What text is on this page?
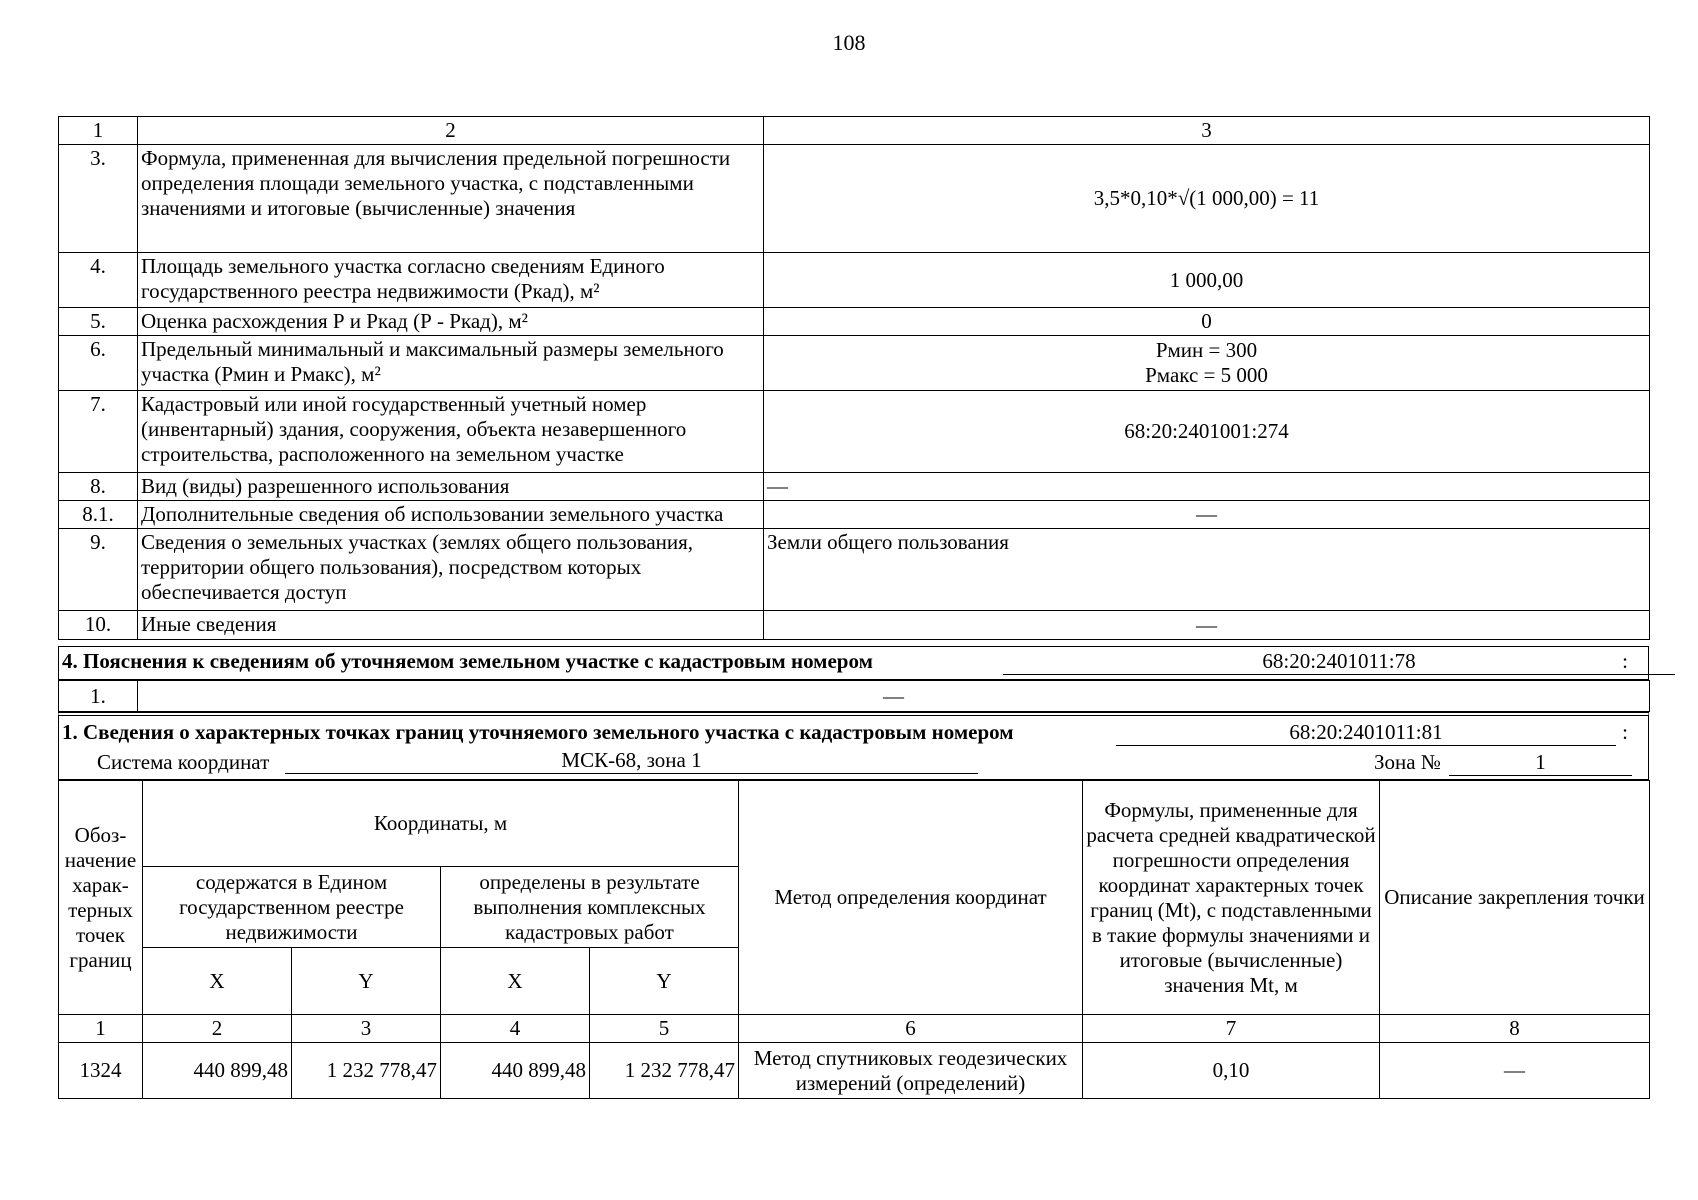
108
1	2	3
3.	Формула, примененная для вычисления предельной погрешности определения площади земельного участка, с подставленными значениями и итоговые (вычисленные) значения	3,5*0,10*√(1 000,00) = 11
4.	Площадь земельного участка согласно сведениям Единого государственного реестра недвижимости (Ркад), м²	1 000,00
5.	Оценка расхождения Р и Ркад (Р - Ркад), м²	0
6.	Предельный минимальный и максимальный размеры земельного участка (Рмин и Рмакс), м²	Рмин = 300
Рмакс = 5 000

7.	Кадастровый или иной государственный учетный номер (инвентарный) здания, сооружения, объекта незавершенного строительства, расположенного на земельном участке	68:20:2401001:274
8.	Вид (виды) разрешенного использования	—
8.1.	Дополнительные сведения об использовании земельного участка	—
9.	Сведения о земельных участках (землях общего пользования, территории общего пользования), посредством которых обеспечивается доступ	Земли общего пользования
10.	Иные сведения	—
4. Пояснения к сведениям об уточняемом земельном участке с кадастровым номером	68:20:2401011:78	:
1.	—
1. Сведения о характерных точках границ уточняемого земельного участка с кадастровым номером	68:20:2401011:81	:
Система координат	МСК-68, зона 1	Зона №	1
Обоз-начение харак-терных точек границ	Координаты, м				Метод определения координат	Формулы, примененные для расчета средней квадратической погрешности определения координат характерных точек границ (Mt), с подставленными в такие формулы значениями и итоговые (вычисленные) значения Mt, м	Описание закрепления точки
	содержатся в Едином государственном реестре недвижимости		определены в результате выполнения комплексных кадастровых работ				
	X	Y	X	Y			
1	2	3	4	5	6	7	8
1324	440 899,48	1 232 778,47	440 899,48	1 232 778,47	Метод спутниковых геодезических измерений (определений)	0,10	—
